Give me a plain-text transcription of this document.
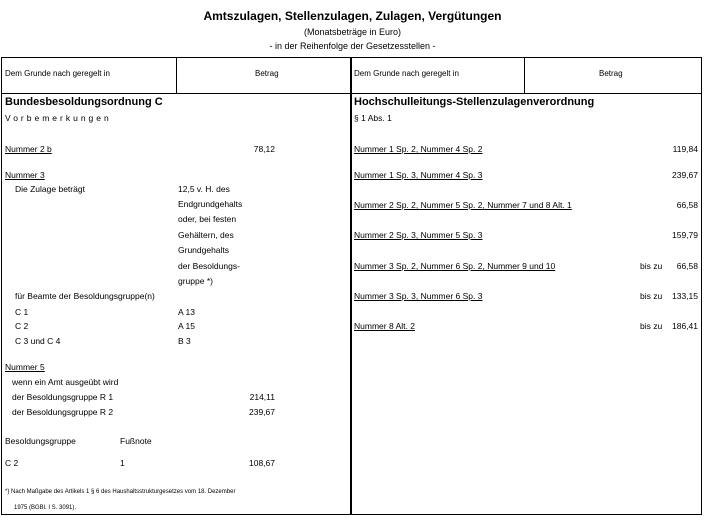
Amtszulagen, Stellenzulagen, Zulagen, Vergütungen
(Monatsbeträge in Euro)
- in der Reihenfolge der Gesetzesstellen -
Dem Grunde nach geregelt in	Betrag	Dem Grunde nach geregelt in	Betrag
Bundesbesoldungsordnung C
Vorbemerkungen
Nummer 2 b	78,12
Nummer 3
Die Zulage beträgt	12,5 v. H. des
Endgrundgehalts
oder, bei festen
Gehältern, des
Grundgehalts
der Besoldungs-
gruppe *)
für Beamte der Besoldungsgruppe(n)
C 1	A 13
C 2	A 15
C 3 und C 4	B 3
Nummer 5
wenn ein Amt ausgeübt wird
der Besoldungsgruppe R 1	214,11
der Besoldungsgruppe R 2	239,67
Besoldungsgruppe	Fußnote
C 2	1	108,67
*) Nach Maßgabe des Artikels 1 § 6 des Haushaltsstrukturgesetzes vom 18. Dezember
1975 (BGBl. I S. 3091).
Hochschulleitungs-Stellenzulagenverordnung
§ 1 Abs. 1
Nummer 1 Sp. 2, Nummer 4 Sp. 2	119,84
Nummer 1 Sp. 3, Nummer 4 Sp. 3	239,67
Nummer 2 Sp. 2, Nummer 5 Sp. 2, Nummer 7 und 8 Alt. 1	66,58
Nummer 2 Sp. 3, Nummer 5 Sp. 3	159,79
Nummer 3 Sp. 2, Nummer 6 Sp. 2, Nummer 9 und 10	bis zu	66,58
Nummer 3 Sp. 3, Nummer 6 Sp. 3	bis zu	133,15
Nummer 8 Alt. 2	bis zu	186,41
